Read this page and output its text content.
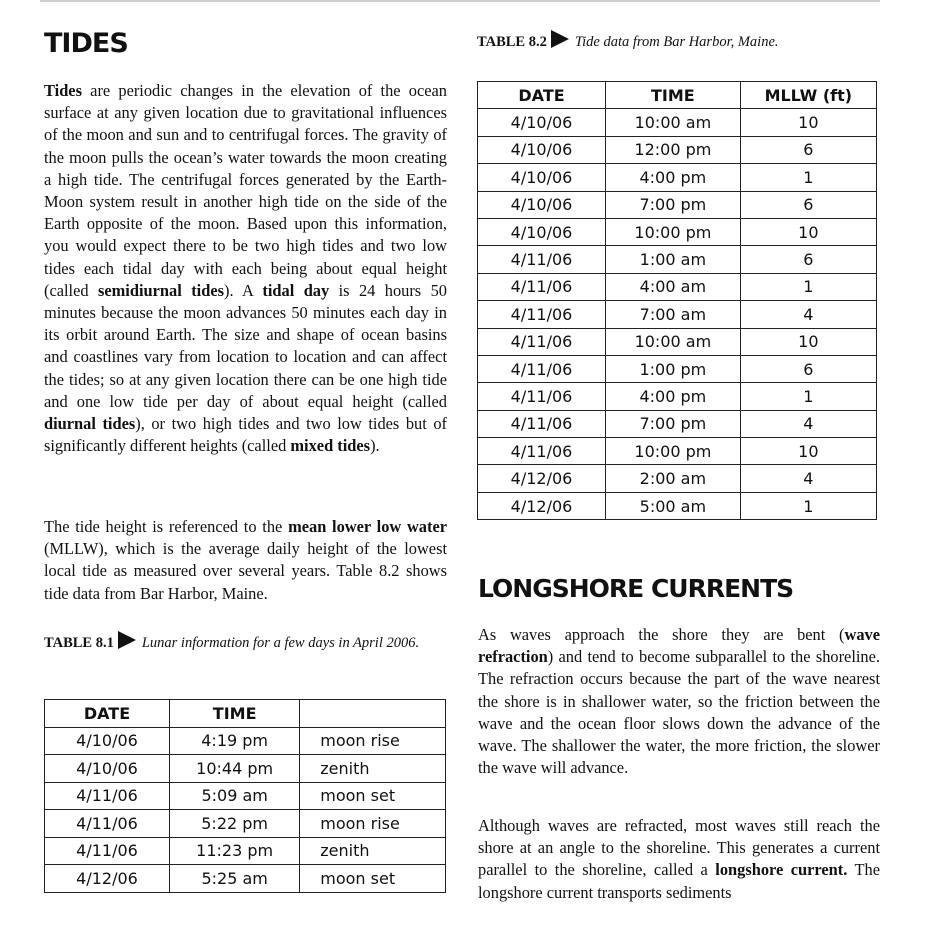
TIDES

Tides are periodic changes in the elevation of the ocean surface at any given location due to gravitational influences of the moon and sun and to centrifugal forces. The gravity of the moon pulls the ocean’s water towards the moon creating a high tide. The centrifugal forces generated by the Earth-Moon system result in another high tide on the side of the Earth opposite of the moon. Based upon this information, you would expect there to be two high tides and two low tides each tidal day with each being about equal height (called semidiurnal tides). A tidal day is 24 hours 50 minutes because the moon advances 50 minutes each day in its orbit around Earth. The size and shape of ocean basins and coastlines vary from location to location and can affect the tides; so at any given location there can be one high tide and one low tide per day of about equal height (called diurnal tides), or two high tides and two low tides but of significantly different heights (called mixed tides).

The tide height is referenced to the mean lower low water (MLLW), which is the average daily height of the lowest local tide as measured over several years. Table 8.2 shows tide data from Bar Harbor, Maine.

TABLE 8.2 Tide data from Bar Harbor, Maine.
DATE	TIME	MLLW (ft)
4/10/06	10:00 am	10
4/10/06	12:00 pm	6
4/10/06	4:00 pm	1
4/10/06	7:00 pm	6
4/10/06	10:00 pm	10
4/11/06	1:00 am	6
4/11/06	4:00 am	1
4/11/06	7:00 am	4
4/11/06	10:00 am	10
4/11/06	1:00 pm	6
4/11/06	4:00 pm	1
4/11/06	7:00 pm	4
4/11/06	10:00 pm	10
4/12/06	2:00 am	4
4/12/06	5:00 am	1
TABLE 8.1 Lunar information for a few days in April 2006.
DATE	TIME	
4/10/06	4:19 pm	moon rise
4/10/06	10:44 pm	zenith
4/11/06	5:09 am	moon set
4/11/06	5:22 pm	moon rise
4/11/06	11:23 pm	zenith
4/12/06	5:25 am	moon set
LONGSHORE CURRENTS

As waves approach the shore they are bent (wave refraction) and tend to become subparallel to the shoreline. The refraction occurs because the part of the wave nearest the shore is in shallower water, so the friction between the wave and the ocean floor slows down the advance of the wave. The shallower the water, the more friction, the slower the wave will advance.

Although waves are refracted, most waves still reach the shore at an angle to the shoreline. This generates a current parallel to the shoreline, called a longshore current. The longshore current transports sediments
